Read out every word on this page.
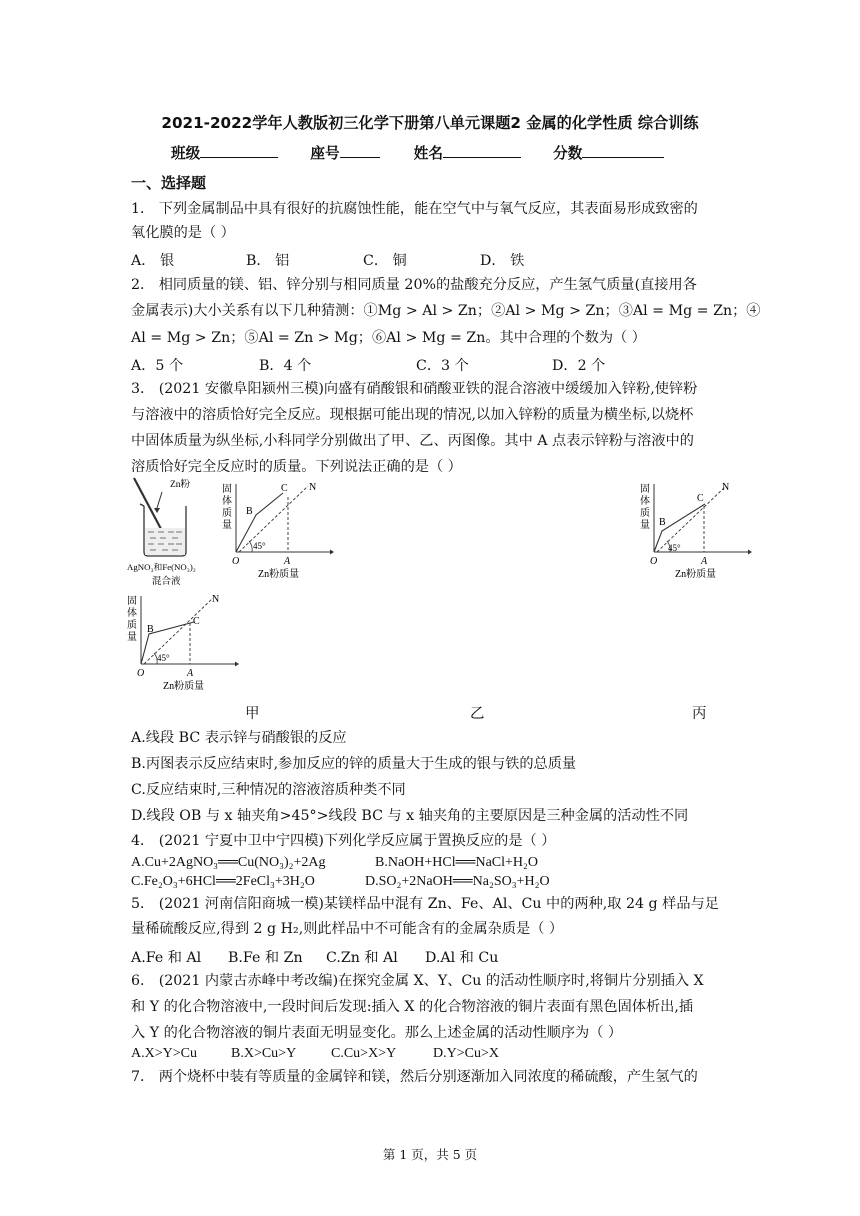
2021-2022学年人教版初三化学下册第八单元课题2 金属的化学性质 综合训练
班级	座号	姓名	分数
一、选择题
1． 下列金属制品中具有很好的抗腐蚀性能，能在空气中与氧气反应，其表面易形成致密的
氧化膜的是（ ）
A． 银	B． 铝	C． 铜	D． 铁
2． 相同质量的镁、铝、锌分别与相同质量 20%的盐酸充分反应，产生氢气质量(直接用各
金属表示)大小关系有以下几种猜测：①Mg > Al > Zn；②Al > Mg > Zn；③Al = Mg = Zn；④
Al = Mg > Zn；⑤Al = Zn > Mg；⑥Al > Mg = Zn。其中合理的个数为（ ）
A．5 个	B．4 个	C．3 个	D．2 个
3． (2021 安徽阜阳颍州三模)向盛有硝酸银和硝酸亚铁的混合溶液中缓缓加入锌粉,使锌粉
与溶液中的溶质恰好完全反应。现根据可能出现的情况,以加入锌粉的质量为横坐标,以烧杯
中固体质量为纵坐标,小科同学分别做出了甲、乙、丙图像。其中 A 点表示锌粉与溶液中的
溶质恰好完全反应时的质量。下列说法正确的是（ ）
Zn粉
AgNO₃和Fe(NO₃)₂
混合液
固
体
质
量
B
C N
45°
O	A
Zn粉质量
固
体
质
量 B
C
N
45°
O	A
Zn粉质量
固
体
质
量
B
C
N
45°
O	A
Zn粉质量
甲	乙	丙
A.线段 BC 表示锌与硝酸银的反应
B.丙图表示反应结束时,参加反应的锌的质量大于生成的银与铁的总质量
C.反应结束时,三种情况的溶液溶质种类不同
D.线段 OB 与 x 轴夹角>45°>线段 BC 与 x 轴夹角的主要原因是三种金属的活动性不同
4． (2021 宁夏中卫中宁四模)下列化学反应属于置换反应的是（ ）
A.Cu+2AgNO₃══Cu(NO₃)₂+2Ag	B.NaOH+HCl══NaCl+H₂O
C.Fe₂O₃+6HCl══2FeCl₃+3H₂O	D.SO₂+2NaOH══Na₂SO₃+H₂O
5． (2021 河南信阳商城一模)某镁样品中混有 Zn、Fe、Al、Cu 中的两种,取 24 g 样品与足
量稀硫酸反应,得到 2 g H₂,则此样品中不可能含有的金属杂质是（ ）
A.Fe 和 Al B.Fe 和 Zn C.Zn 和 Al D.Al 和 Cu
6． (2021 内蒙古赤峰中考改编)在探究金属 X、Y、Cu 的活动性顺序时,将铜片分别插入 X
和 Y 的化合物溶液中,一段时间后发现:插入 X 的化合物溶液的铜片表面有黑色固体析出,插
入 Y 的化合物溶液的铜片表面无明显变化。那么上述金属的活动性顺序为（ ）
A.X>Y>Cu B.X>Cu>Y C.Cu>X>Y	D.Y>Cu>X
7． 两个烧杯中装有等质量的金属锌和镁，然后分别逐渐加入同浓度的稀硫酸，产生氢气的
第 1 页，共 5 页
